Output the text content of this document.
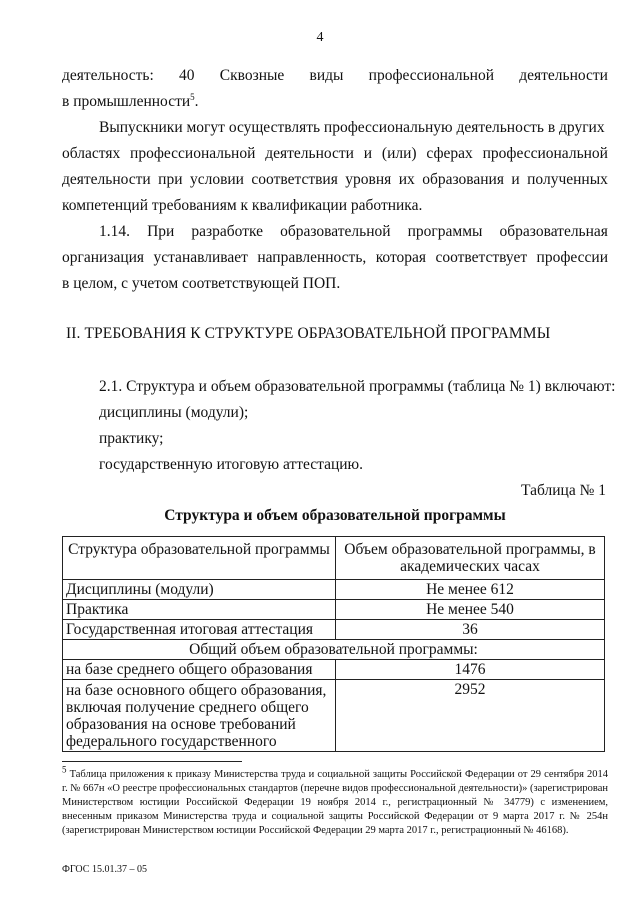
4
деятельность: 40 Сквозные виды профессиональной деятельности
в промышленности$^5$.
Выпускники могут осуществлять профессиональную деятельность в других
областях профессиональной деятельности и (или) сферах профессиональной
деятельности при условии соответствия уровня их образования и полученных
компетенций требованиям к квалификации работника.
1.14. При разработке образовательной программы образовательная
организация устанавливает направленность, которая соответствует профессии
в целом, с учетом соответствующей ПОП.
II. ТРЕБОВАНИЯ К СТРУКТУРЕ ОБРАЗОВАТЕЛЬНОЙ ПРОГРАММЫ
2.1. Структура и объем образовательной программы (таблица № 1) включают:
дисциплины (модули);
практику;
государственную итоговую аттестацию.
Таблица № 1
Структура и объем образовательной программы
Структура образовательной программы	Объем образовательной программы, в
академических часах

Дисциплины (модули)	Не менее 612
Практика	Не менее 540
Государственная итоговая аттестация	36
Общий объем образовательной программы:	
на базе среднего общего образования	1476

на базе основного общего образования,
включая получение среднего общего
образования на основе требований
федерального государственного	2952

$^5$ Таблица приложения к приказу Министерства труда и социальной защиты Российской Федерации от 29 сентября 2014 г. № 667н «О реестре профессиональных стандартов (перечне видов профессиональной деятельности)» (зарегистрирован Министерством юстиции Российской Федерации 19 ноября 2014 г., регистрационный № 34779) с изменением, внесенным приказом Министерства труда и социальной защиты Российской Федерации от 9 марта 2017 г. № 254н (зарегистрирован Министерством юстиции Российской Федерации 29 марта 2017 г., регистрационный № 46168).

ФГОС 15.01.37 – 05
